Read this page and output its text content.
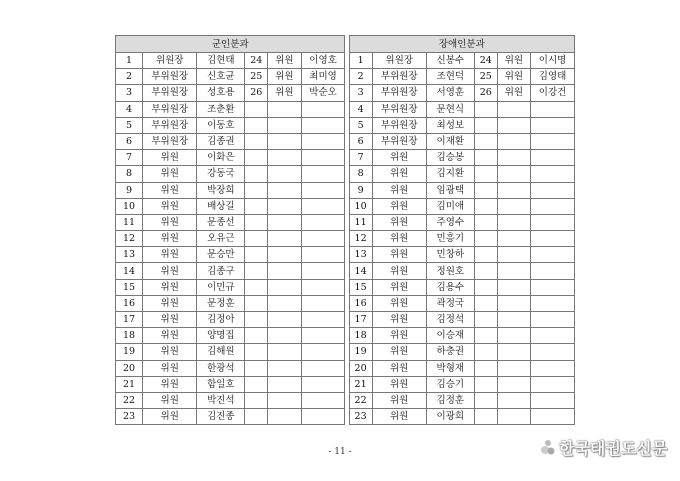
군인분과							장애인분과					
1	위원장	김현태	24	위원	이영호		1	위원장	신봉수	24	위원	이시명
2	부위원장	신호균	25	위원	최미영		2	부위원장	조현덕	25	위원	김영태
3	부위원장	성호용	26	위원	박순오		3	부위원장	서영훈	26	위원	이강건
4	부위원장	조춘환					4	부위원장	문현식			
5	부위원장	이동호					5	부위원장	최성보			
6	부위원장	김종권					6	부위원장	이재환			
7	위원	이화은					7	위원	김승봉			
8	위원	강동국					8	위원	김지환			
9	위원	박장희					9	위원	임광택			
10	위원	배상길					10	위원	김미애			
11	위원	문종선					11	위원	주영수			
12	위원	오유근					12	위원	민흥기			
13	위원	문승만					13	위원	민창하			
14	위원	김종구					14	위원	정원호			
15	위원	이민규					15	위원	김용수			
16	위원	문정훈					16	위원	곽정국			
17	위원	김정아					17	위원	김정석			
18	위원	양명집					18	위원	이승재			
19	위원	김해원					19	위원	하충권			
20	위원	한광석					20	위원	박형재			
21	위원	함일호					21	위원	김승기			
22	위원	박진석					22	위원	김정훈			
23	위원	김진종					23	위원	이광희			
- 11 -	한국태권도신문
